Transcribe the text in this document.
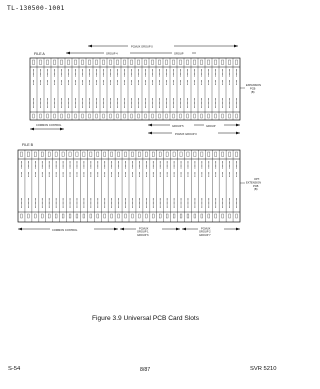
TL-130500-1001
FILE A
PCMUX GROUP 0
GROUP 4	GROUP
COMMON CONTROL	GROUP 5	GROUP
PCMUX GROUP 0
EXPANSION PCB (B)
FILE B
OPT. EXTENSION PCB (B)
COMMON CONTROL	PCMUX GROUP 1 GROUP 6
PCMUX GROUP 2 GROUP 7
Figure 3.9 Universal PCB Card Slots
S-54	8/87	SVR 5210
